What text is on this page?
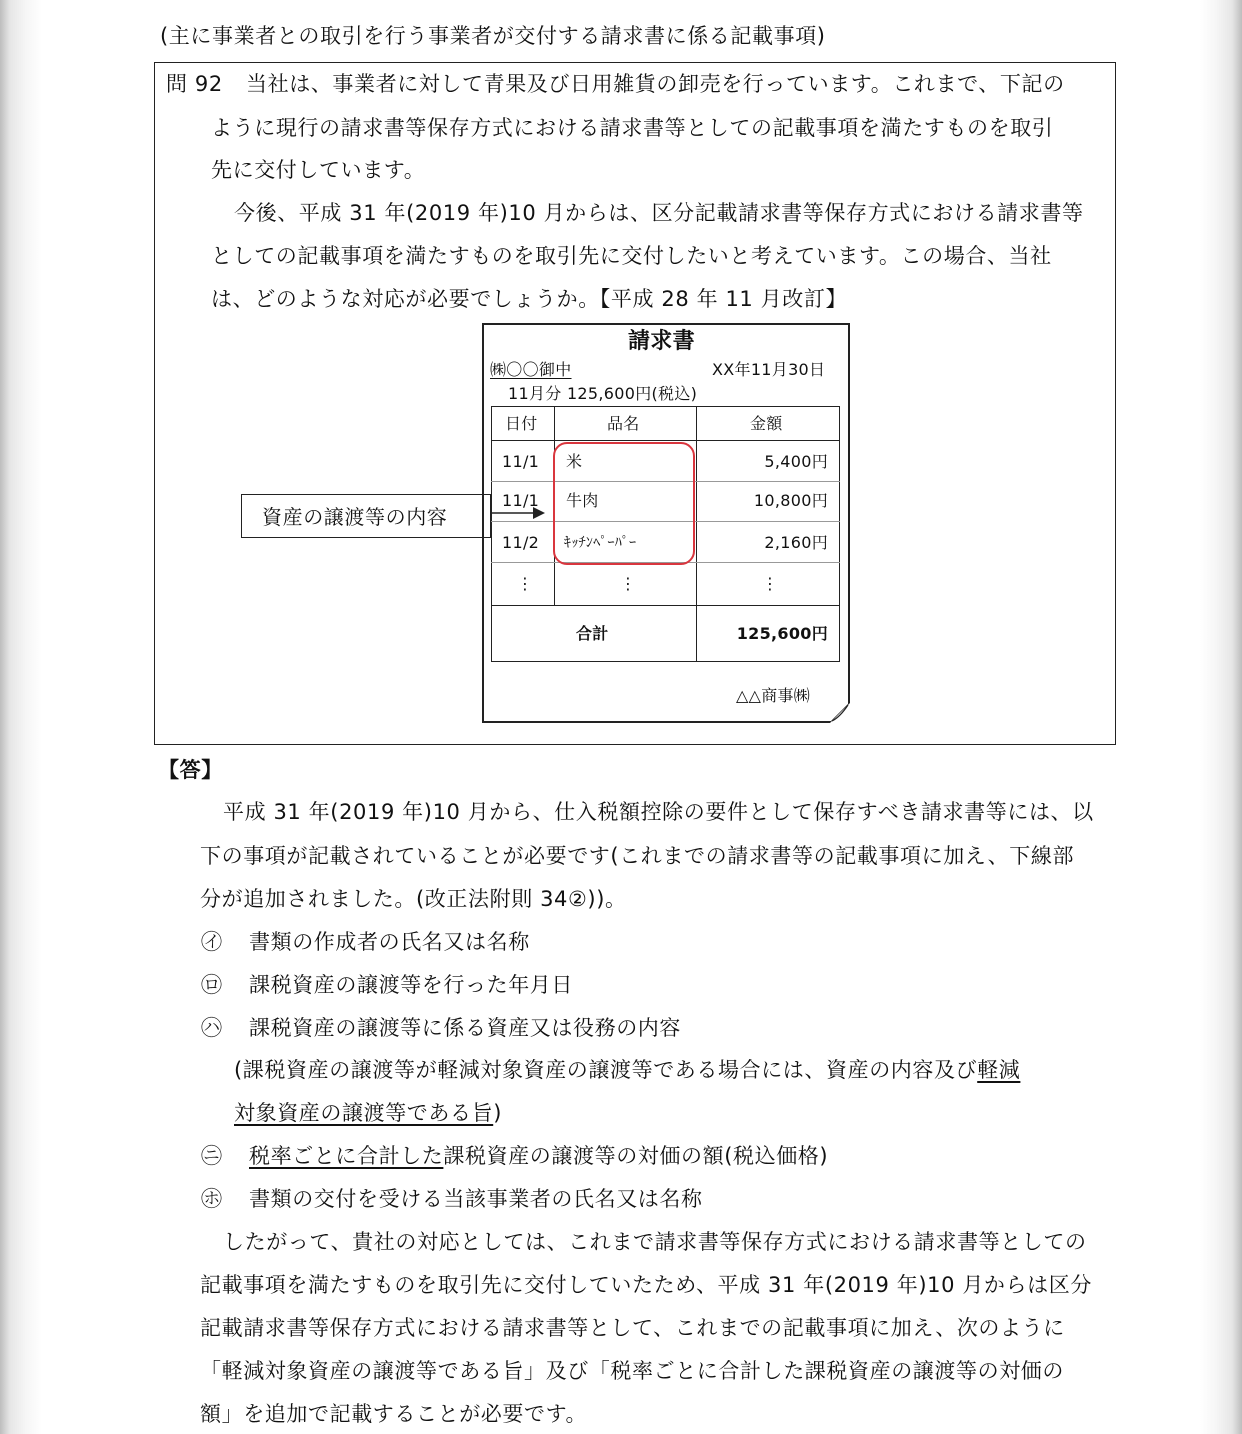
(主に事業者との取引を行う事業者が交付する請求書に係る記載事項)
問 92 当社は、事業者に対して青果及び日用雑貨の卸売を行っています。これまで、下記の
ように現行の請求書等保存方式における請求書等としての記載事項を満たすものを取引
先に交付しています。
今後、平成 31 年(2019 年)10 月からは、区分記載請求書等保存方式における請求書等
としての記載事項を満たすものを取引先に交付したいと考えています。この場合、当社
は、どのような対応が必要でしょうか。【平成 28 年 11 月改訂】
請求書
㈱〇〇御中	XX年11月30日
11月分 125,600円(税込)
日付	品名	金額
11/1 米	5,400円
11/1 牛肉	10,800円
11/2 ｷｯﾁﾝﾍﾟｰﾊﾟｰ	2,160円
⋮	⋮	⋮
合計	125,600円
△△商事㈱
資産の譲渡等の内容
【答】
平成 31 年(2019 年)10 月から、仕入税額控除の要件として保存すべき請求書等には、以
下の事項が記載されていることが必要です(これまでの請求書等の記載事項に加え、下線部
分が追加されました。(改正法附則 34②))。
㋑ 書類の作成者の氏名又は名称
㋺ 課税資産の譲渡等を行った年月日
㋩ 課税資産の譲渡等に係る資産又は役務の内容
(課税資産の譲渡等が軽減対象資産の譲渡等である場合には、資産の内容及び軽減
対象資産の譲渡等である旨)
㋥ 税率ごとに合計した課税資産の譲渡等の対価の額(税込価格)
㋭ 書類の交付を受ける当該事業者の氏名又は名称
したがって、貴社の対応としては、これまで請求書等保存方式における請求書等としての
記載事項を満たすものを取引先に交付していたため、平成 31 年(2019 年)10 月からは区分
記載請求書等保存方式における請求書等として、これまでの記載事項に加え、次のように
「軽減対象資産の譲渡等である旨」及び「税率ごとに合計した課税資産の譲渡等の対価の
額」を追加で記載することが必要です。
